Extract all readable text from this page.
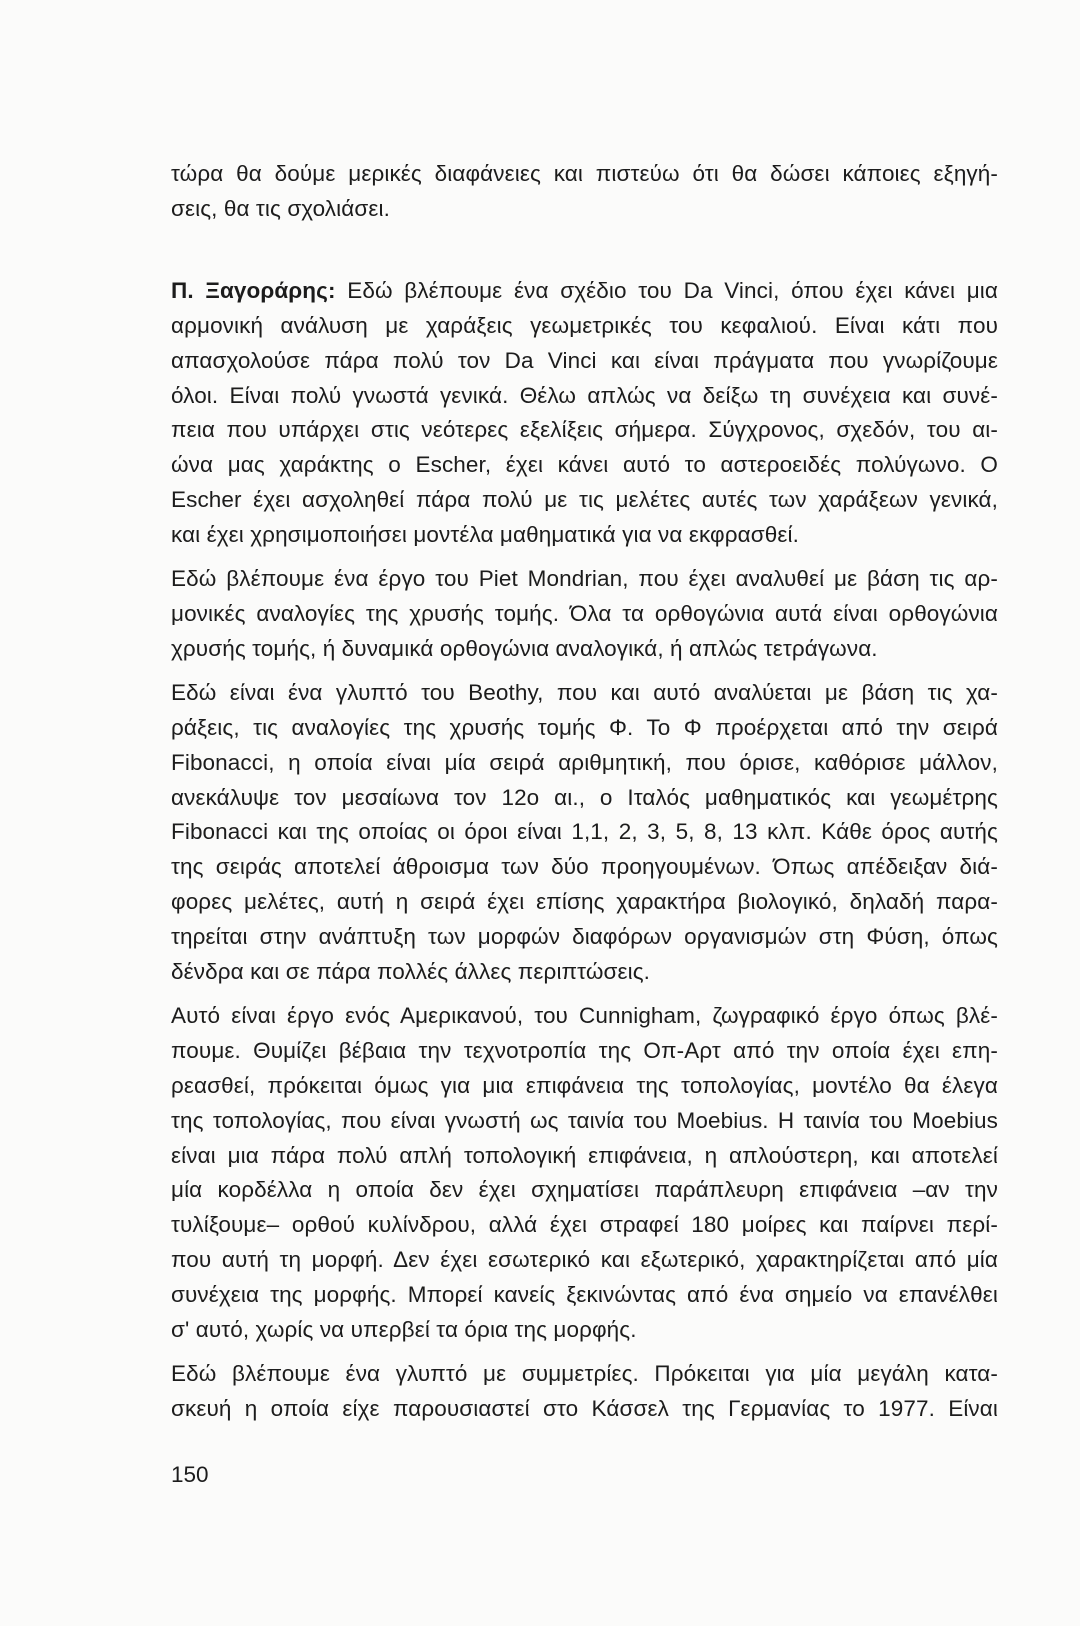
τώρα θα δούμε μερικές διαφάνειες και πιστεύω ότι θα δώσει κάποιες εξηγή-
σεις, θα τις σχολιάσει.
Π. Ξαγοράρης: Εδώ βλέπουμε ένα σχέδιο του Da Vinci, όπου έχει κάνει μια
αρμονική ανάλυση με χαράξεις γεωμετρικές του κεφαλιού. Είναι κάτι που
απασχολούσε πάρα πολύ τον Da Vinci και είναι πράγματα που γνωρίζουμε
όλοι. Είναι πολύ γνωστά γενικά. Θέλω απλώς να δείξω τη συνέχεια και συνέ-
πεια που υπάρχει στις νεότερες εξελίξεις σήμερα. Σύγχρονος, σχεδόν, του αι-
ώνα μας χαράκτης ο Escher, έχει κάνει αυτό το αστεροειδές πολύγωνο. Ο
Escher έχει ασχοληθεί πάρα πολύ με τις μελέτες αυτές των χαράξεων γενικά,
και έχει χρησιμοποιήσει μοντέλα μαθηματικά για να εκφρασθεί.
Εδώ βλέπουμε ένα έργο του Piet Mondrian, που έχει αναλυθεί με βάση τις αρ-
μονικές αναλογίες της χρυσής τομής. Όλα τα ορθογώνια αυτά είναι ορθογώνια
χρυσής τομής, ή δυναμικά ορθογώνια αναλογικά, ή απλώς τετράγωνα.
Εδώ είναι ένα γλυπτό του Beothy, που και αυτό αναλύεται με βάση τις χα-
ράξεις, τις αναλογίες της χρυσής τομής Φ. Το Φ προέρχεται από την σειρά
Fibonacci, η οποία είναι μία σειρά αριθμητική, που όρισε, καθόρισε μάλλον,
ανεκάλυψε τον μεσαίωνα τον 12ο αι., ο Ιταλός μαθηματικός και γεωμέτρης
Fibonacci και της οποίας οι όροι είναι 1,1, 2, 3, 5, 8, 13 κλπ. Κάθε όρος αυτής
της σειράς αποτελεί άθροισμα των δύο προηγουμένων. Όπως απέδειξαν διά-
φορες μελέτες, αυτή η σειρά έχει επίσης χαρακτήρα βιολογικό, δηλαδή παρα-
τηρείται στην ανάπτυξη των μορφών διαφόρων οργανισμών στη Φύση, όπως
δένδρα και σε πάρα πολλές άλλες περιπτώσεις.
Αυτό είναι έργο ενός Αμερικανού, του Cunnigham, ζωγραφικό έργο όπως βλέ-
πουμε. Θυμίζει βέβαια την τεχνοτροπία της Οπ-Αρτ από την οποία έχει επη-
ρεασθεί, πρόκειται όμως για μια επιφάνεια της τοπολογίας, μοντέλο θα έλεγα
της τοπολογίας, που είναι γνωστή ως ταινία του Moebius. Η ταινία του Moebius
είναι μια πάρα πολύ απλή τοπολογική επιφάνεια, η απλούστερη, και αποτελεί
μία κορδέλλα η οποία δεν έχει σχηματίσει παράπλευρη επιφάνεια –αν την
τυλίξουμε– ορθού κυλίνδρου, αλλά έχει στραφεί 180 μοίρες και παίρνει περί-
που αυτή τη μορφή. Δεν έχει εσωτερικό και εξωτερικό, χαρακτηρίζεται από μία
συνέχεια της μορφής. Μπορεί κανείς ξεκινώντας από ένα σημείο να επανέλθει
σ' αυτό, χωρίς να υπερβεί τα όρια της μορφής.
Εδώ βλέπουμε ένα γλυπτό με συμμετρίες. Πρόκειται για μία μεγάλη κατα-
σκευή η οποία είχε παρουσιαστεί στο Κάσσελ της Γερμανίας το 1977. Είναι
150
